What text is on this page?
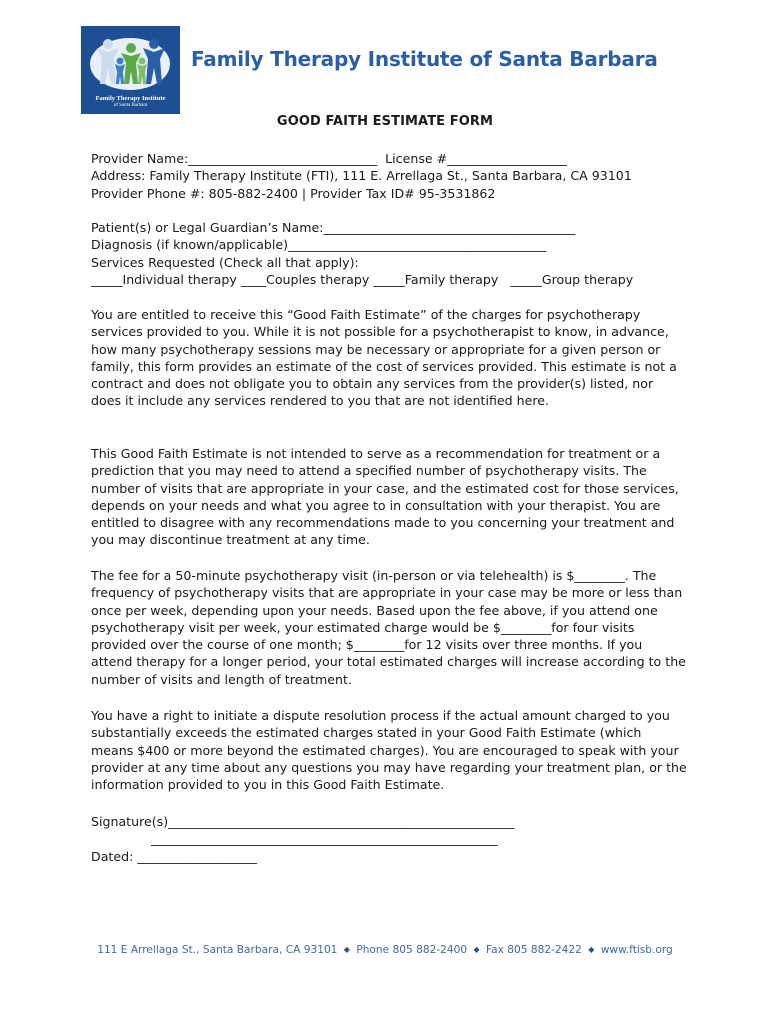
Family Therapy Institute
of Santa Barbara
Family Therapy Institute of Santa Barbara
GOOD FAITH ESTIMATE FORM
Provider Name:______________________________  License #___________________
Address: Family Therapy Institute (FTI), 111 E. Arrellaga St., Santa Barbara, CA 93101
Provider Phone #: 805-882-2400 | Provider Tax ID# 95-3531862
Patient(s) or Legal Guardian’s Name:________________________________________
Diagnosis (if known/applicable)_________________________________________
Services Requested (Check all that apply):
_____Individual therapy ____Couples therapy _____Family therapy   _____Group therapy

You are entitled to receive this “Good Faith Estimate” of the charges for psychotherapy services provided to you. While it is not possible for a psychotherapist to know, in advance, how many psychotherapy sessions may be necessary or appropriate for a given person or family, this form provides an estimate of the cost of services provided. This estimate is not a contract and does not obligate you to obtain any services from the provider(s) listed, nor does it include any services rendered to you that are not identified here.

This Good Faith Estimate is not intended to serve as a recommendation for treatment or a prediction that you may need to attend a specified number of psychotherapy visits. The number of visits that are appropriate in your case, and the estimated cost for those services, depends on your needs and what you agree to in consultation with your therapist. You are entitled to disagree with any recommendations made to you concerning your treatment and you may discontinue treatment at any time.

The fee for a 50-minute psychotherapy visit (in-person or via telehealth) is $________. The frequency of psychotherapy visits that are appropriate in your case may be more or less than once per week, depending upon your needs. Based upon the fee above, if you attend one psychotherapy visit per week, your estimated charge would be $________for four visits provided over the course of one month; $________for 12 visits over three months. If you attend therapy for a longer period, your total estimated charges will increase according to the number of visits and length of treatment.

You have a right to initiate a dispute resolution process if the actual amount charged to you substantially exceeds the estimated charges stated in your Good Faith Estimate (which means $400 or more beyond the estimated charges). You are encouraged to speak with your provider at any time about any questions you may have regarding your treatment plan, or the information provided to you in this Good Faith Estimate.

Signature(s)_______________________________________________________
_______________________________________________________
Dated: ___________________
111 E Arrellaga St., Santa Barbara, CA 93101 ◆ Phone 805 882-2400 ◆ Fax 805 882-2422 ◆ www.ftisb.org
